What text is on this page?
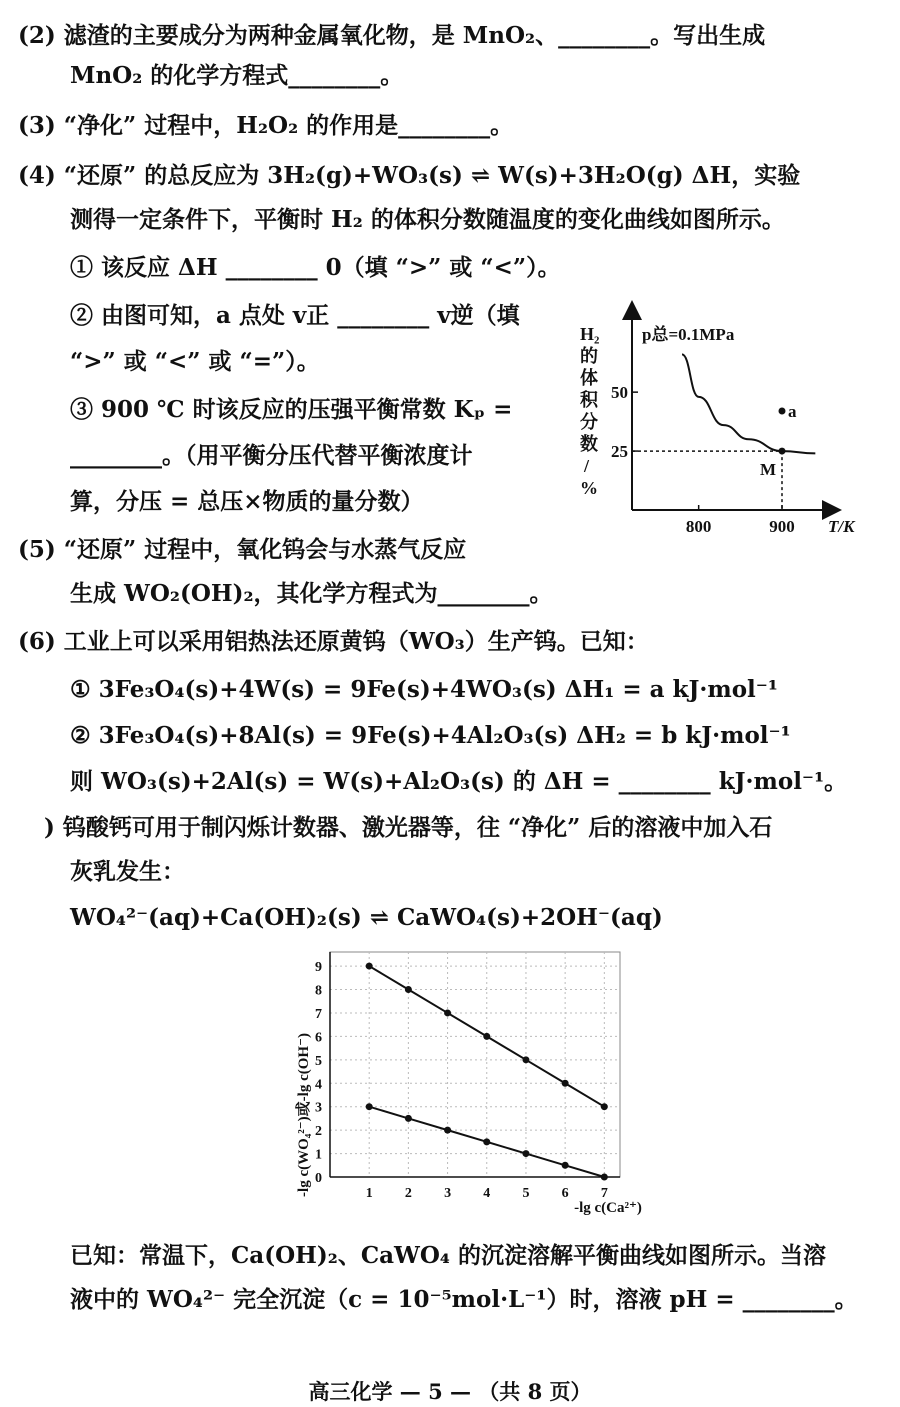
(2) 滤渣的主要成分为两种金属氧化物，是 MnO₂、________。写出生成
MnO₂ 的化学方程式________。
(3) “净化” 过程中，H₂O₂ 的作用是________。
(4) “还原” 的总反应为 3H₂(g)+WO₃(s) ⇌ W(s)+3H₂O(g) ΔH，实验
测得一定条件下，平衡时 H₂ 的体积分数随温度的变化曲线如图所示。
① 该反应 ΔH ________ 0（填 “>” 或 “<”）。
② 由图可知，a 点处 v正 ________ v逆（填
“>” 或 “<” 或 “=”）。
③ 900 ℃ 时该反应的压强平衡常数 Kₚ =
________。（用平衡分压代替平衡浓度计
算，分压 = 总压×物质的量分数）
(5) “还原” 过程中，氧化钨会与水蒸气反应
生成 WO₂(OH)₂，其化学方程式为________。
(6) 工业上可以采用铝热法还原黄钨（WO₃）生产钨。已知：
① 3Fe₃O₄(s)+4W(s) = 9Fe(s)+4WO₃(s) ΔH₁ = a kJ·mol⁻¹
② 3Fe₃O₄(s)+8Al(s) = 9Fe(s)+4Al₂O₃(s) ΔH₂ = b kJ·mol⁻¹
则 WO₃(s)+2Al(s) = W(s)+Al₂O₃(s) 的 ΔH = ________ kJ·mol⁻¹。
) 钨酸钙可用于制闪烁计数器、激光器等，往 “净化” 后的溶液中加入石
灰乳发生：
WO₄²⁻(aq)+Ca(OH)₂(s) ⇌ CaWO₄(s)+2OH⁻(aq)
已知：常温下，Ca(OH)₂、CaWO₄ 的沉淀溶解平衡曲线如图所示。当溶
液中的 WO₄²⁻ 完全沉淀（c = 10⁻⁵mol·L⁻¹）时，溶液 pH = ________。
H₂ 的体积分数/ %
p总=0.1MPa
800	900
25
50
a
M
T/K
1 2 3 4 5 6 7
0
1
2
3
4
5
6
7
8
9
-lg c(WO₄²⁻)或-lg c(OH⁻)
-lg c(Ca²⁺)
高三化学 — 5 — （共 8 页）
